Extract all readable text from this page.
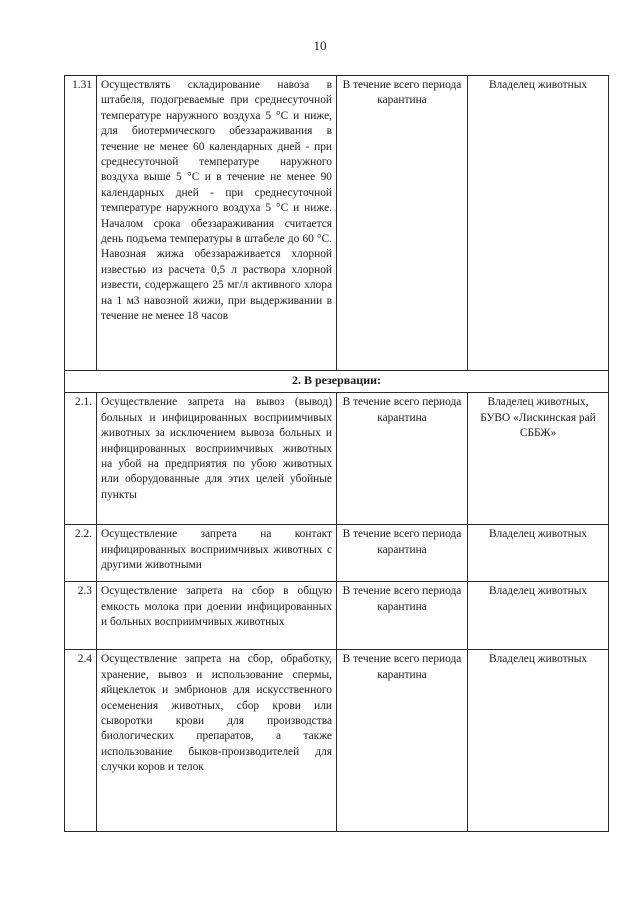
10
1.31	Осуществлять складирование навоза в штабеля, подогреваемые при среднесуточной температуре наружного воздуха 5 °С и ниже, для биотермического обеззараживания в течение не менее 60 календарных дней - при среднесуточной температуре наружного воздуха выше 5 °С и в течение не менее 90 календарных дней - при среднесуточной температуре наружного воздуха 5 °С и ниже. Началом срока обеззараживания считается день подъема температуры в штабеле до 60 °С. Навозная жижа обеззараживается хлорной известью из расчета 0,5 л раствора хлорной извести, содержащего 25 мг/л активного хлора на 1 м3 навозной жижи, при выдерживании в течение не менее 18 часов	В течение всего периода карантина	Владелец животных
2. В резервации:			
2.1.	Осуществление запрета на вывоз (вывод) больных и инфицированных восприимчивых животных за исключением вывоза больных и инфицированных восприимчивых животных на убой на предприятия по убою животных или оборудованные для этих целей убойные пункты	В течение всего периода карантина	Владелец животных, БУВО «Лискинская рай СББЖ»
2.2.	Осуществление запрета на контакт инфицированных восприимчивых животных с другими животными	В течение всего периода карантина	Владелец животных
2.3	Осуществление запрета на сбор в общую емкость молока при доении инфицированных и больных восприимчивых животных	В течение всего периода карантина	Владелец животных
2.4	Осуществление запрета на сбор, обработку, хранение, вывоз и использование спермы, яйцеклеток и эмбрионов для искусственного осеменения животных, сбор крови или сыворотки крови для производства биологических препаратов, а также использование быков-производителей для случки коров и телок	В течение всего периода карантина	Владелец животных
